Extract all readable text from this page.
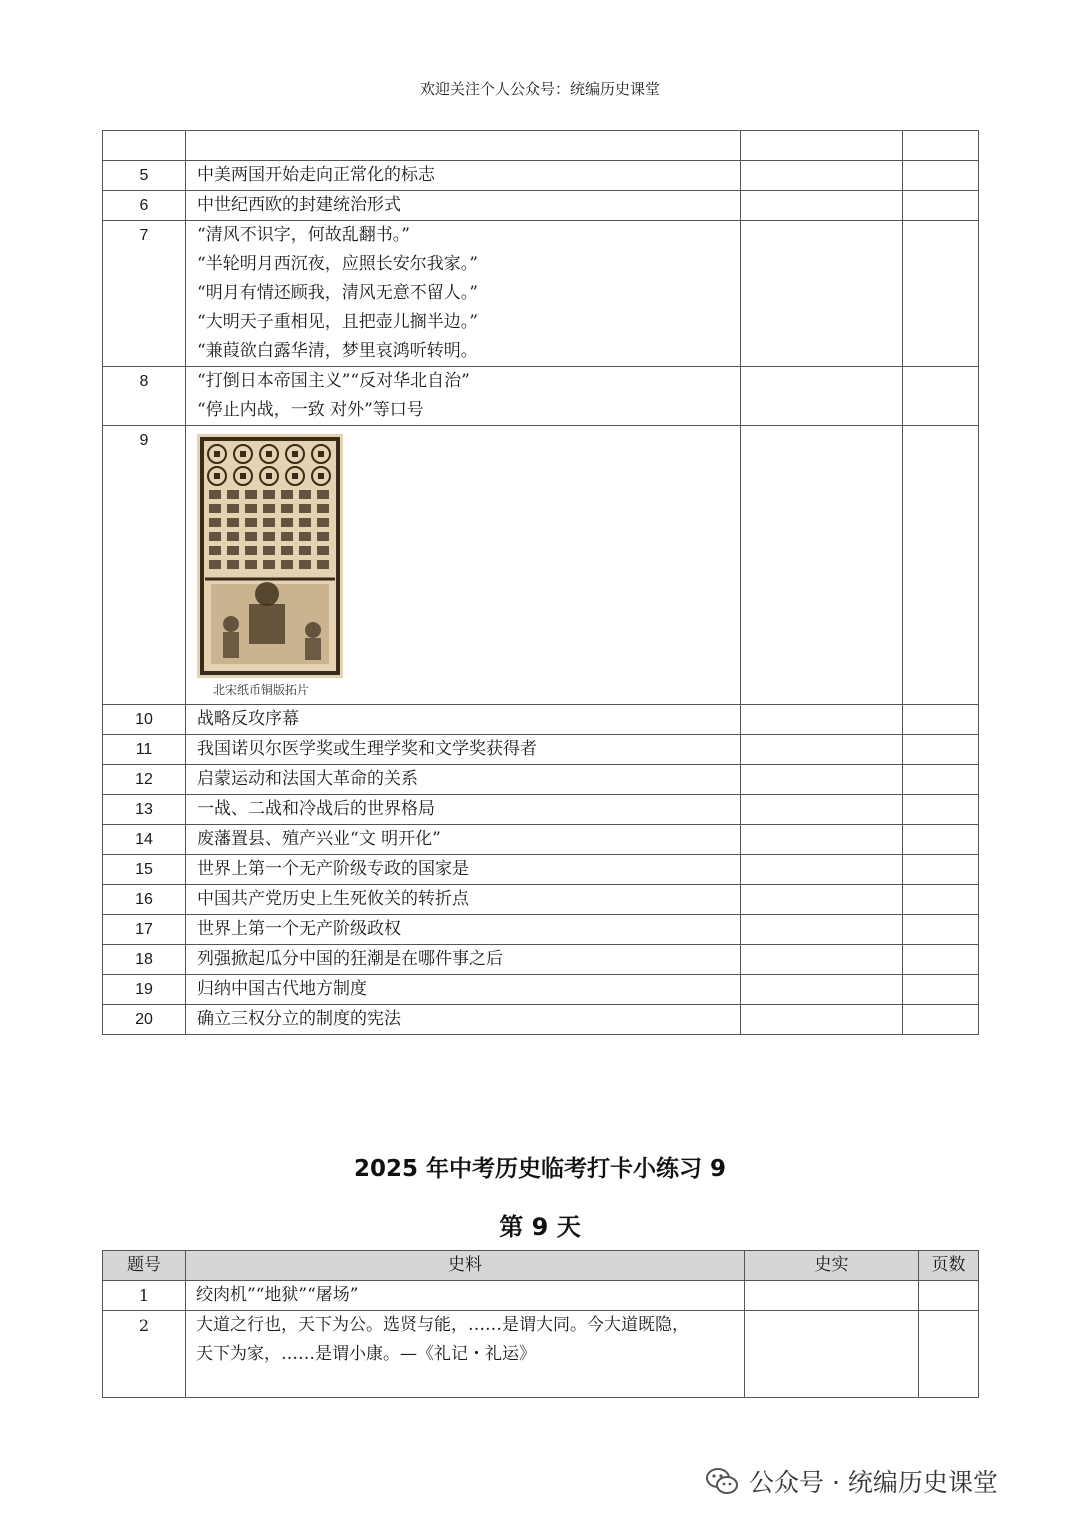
欢迎关注个人公众号：统编历史课堂

5	中美两国开始走向正常化的标志		

6	中世纪西欧的封建统治形式		

7	“清风不识字，何故乱翻书。”
“半轮明月西沉夜，应照长安尔我家。”
“明月有情还顾我，清风无意不留人。”
“大明天子重相见，且把壶儿搁半边。”
“兼葭欲白露华清，梦里哀鸿听转明。		

8	“打倒日本帝国主义”“反对华北自治”
“停止内战，一致 对外”等口号		

9	北宋纸币铜版拓片		

10	战略反攻序幕		

11	我国诺贝尔医学奖或生理学奖和文学奖获得者		

12	启蒙运动和法国大革命的关系		

13	一战、二战和冷战后的世界格局		

14	废藩置县、殖产兴业“文 明开化”		

15	世界上第一个无产阶级专政的国家是		

16	中国共产党历史上生死攸关的转折点		

17	世界上第一个无产阶级政权		

18	列强掀起瓜分中国的狂潮是在哪件事之后		

19	归纳中国古代地方制度		

20	确立三权分立的制度的宪法		

2025 年中考历史临考打卡小练习 9
第 9 天
题号	史料	史实	页数
1	绞肉机”“地狱”“屠场”		

2	大道之行也，天下为公。选贤与能，……是谓大同。今大道既隐，
天下为家，……是谓小康。—《礼记・礼运》		

公众号 · 统编历史课堂
